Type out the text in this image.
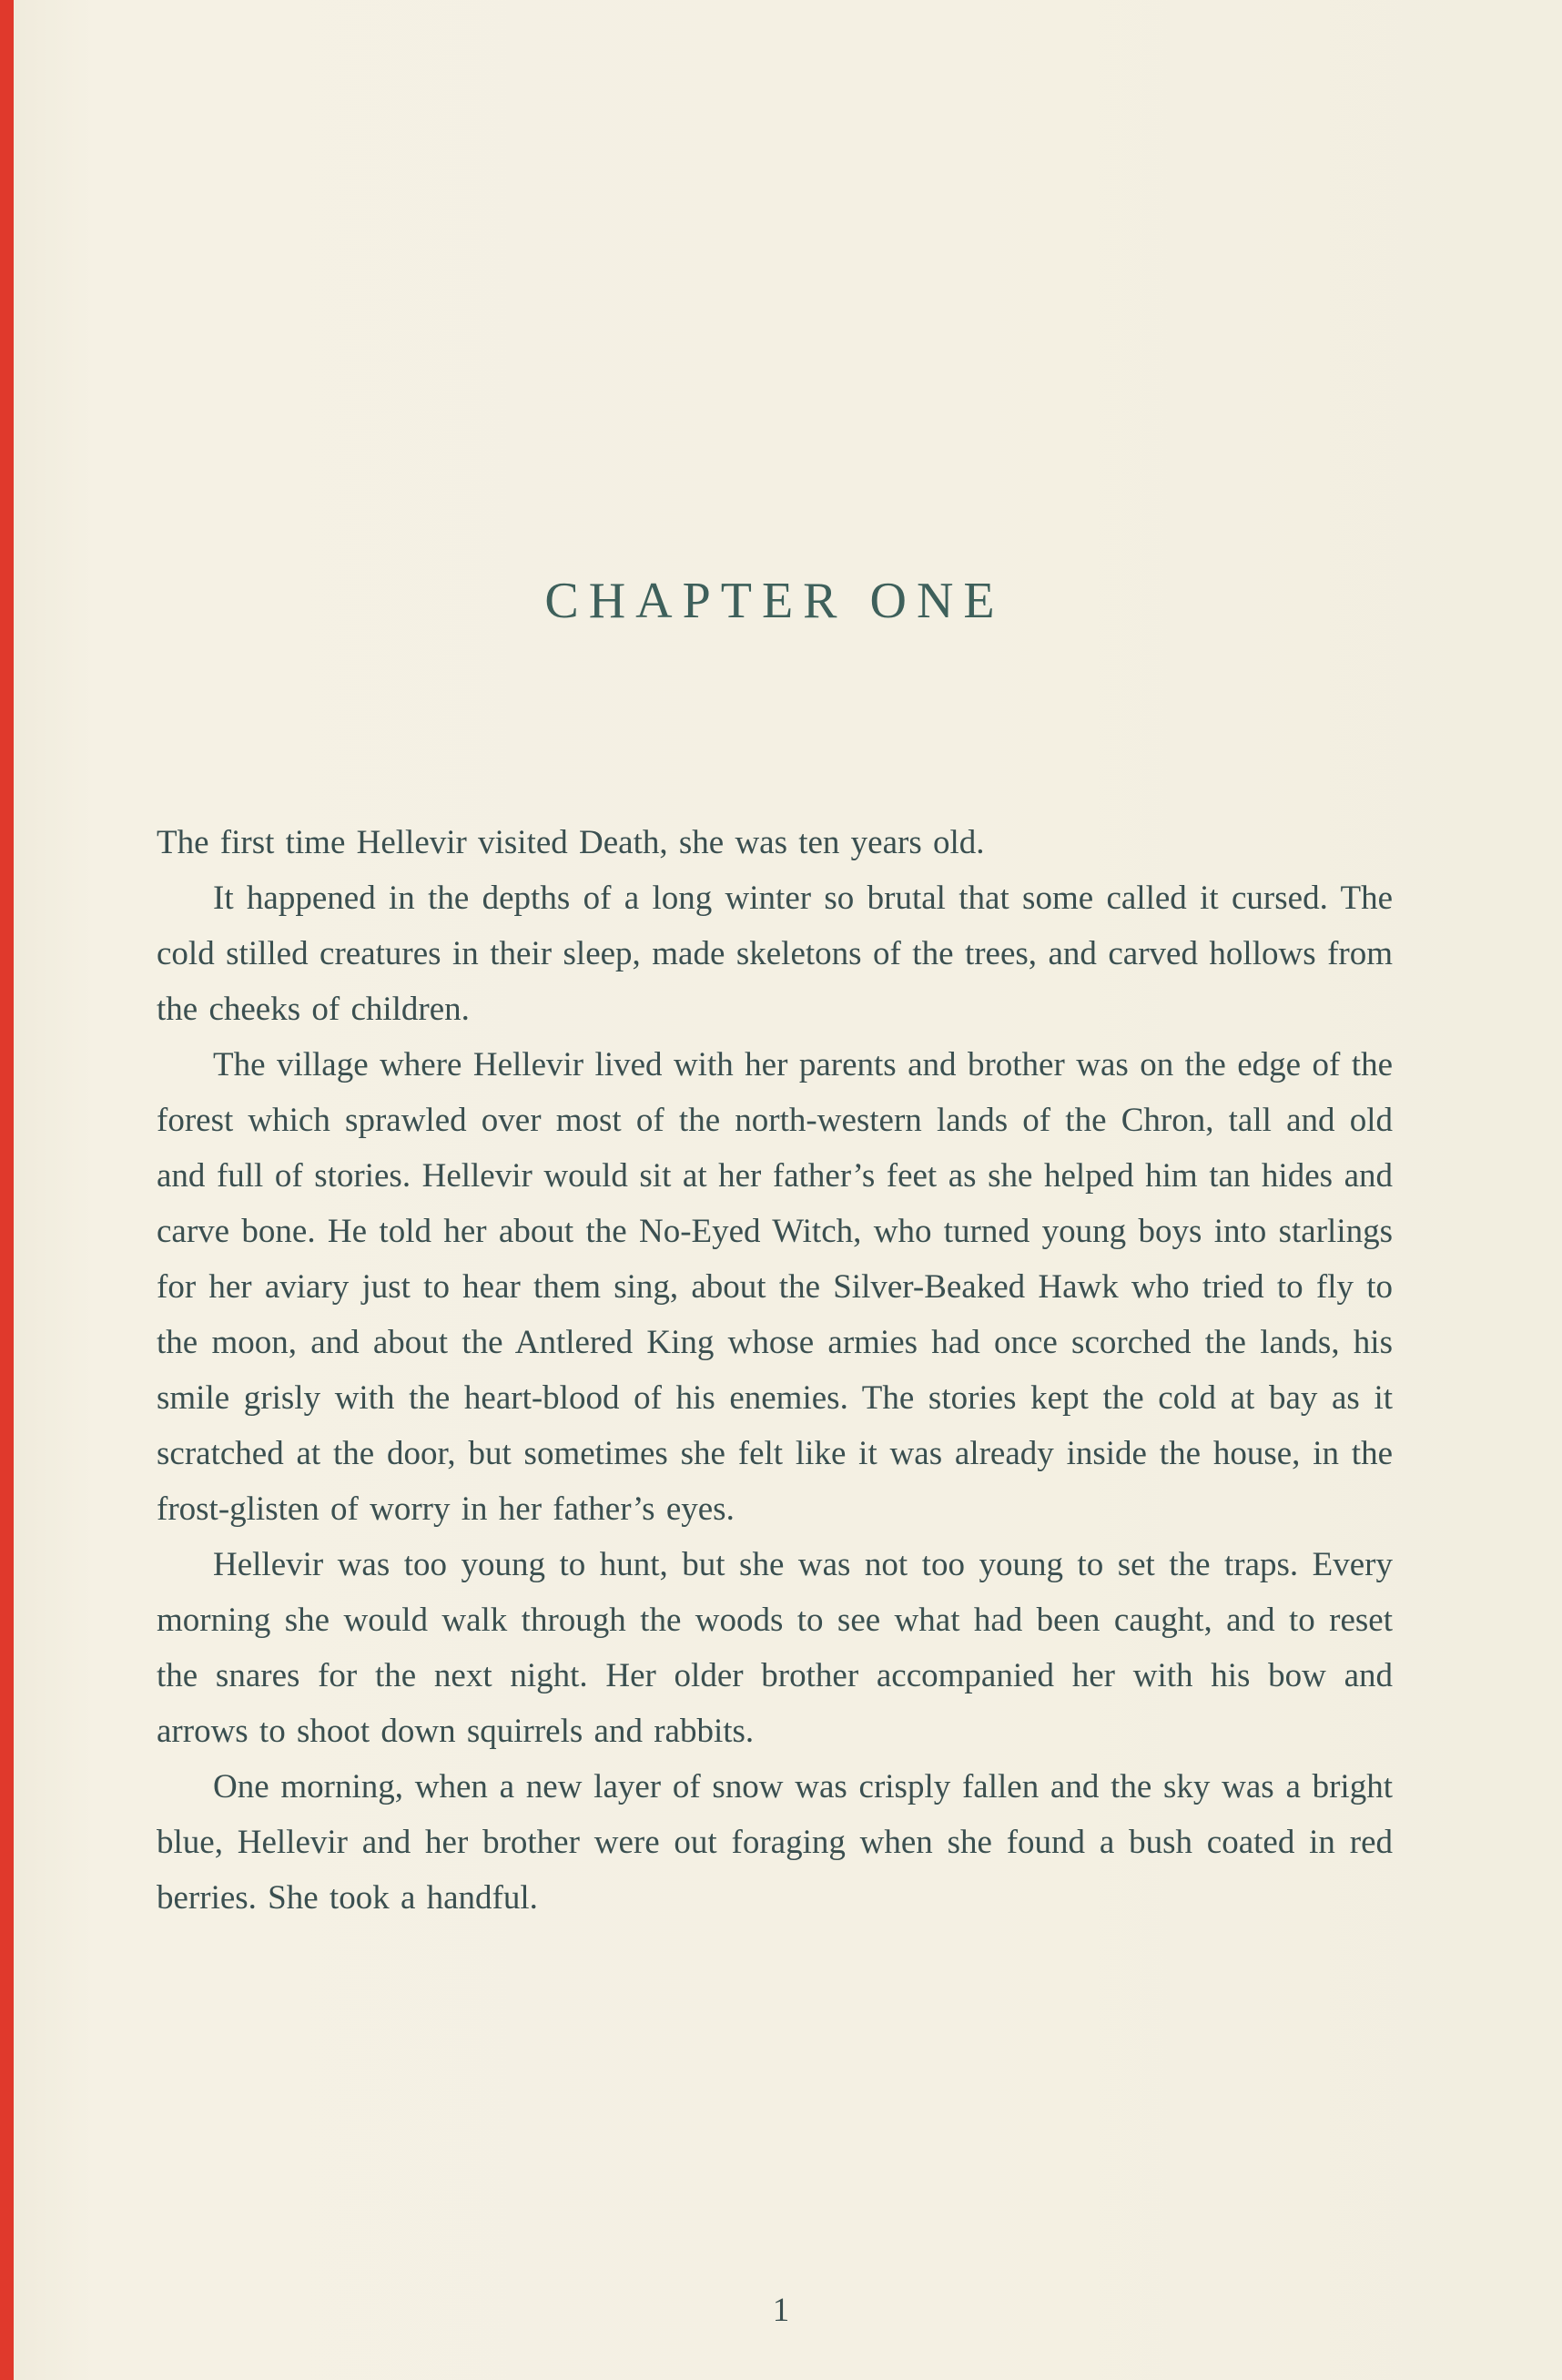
CHAPTER ONE

The first time Hellevir visited Death, she was ten years old.

It happened in the depths of a long winter so brutal that some called it cursed. The cold stilled creatures in their sleep, made skeletons of the trees, and carved hollows from the cheeks of children.

The village where Hellevir lived with her parents and brother was on the edge of the forest which sprawled over most of the north-western lands of the Chron, tall and old and full of stories. Hellevir would sit at her father’s feet as she helped him tan hides and carve bone. He told her about the No-Eyed Witch, who turned young boys into starlings for her aviary just to hear them sing, about the Silver-Beaked Hawk who tried to fly to the moon, and about the Antlered King whose armies had once scorched the lands, his smile grisly with the heart-blood of his enemies. The stories kept the cold at bay as it scratched at the door, but sometimes she felt like it was already inside the house, in the frost-glisten of worry in her father’s eyes.

Hellevir was too young to hunt, but she was not too young to set the traps. Every morning she would walk through the woods to see what had been caught, and to reset the snares for the next night. Her older brother accompanied her with his bow and arrows to shoot down squirrels and rabbits.

One morning, when a new layer of snow was crisply fallen and the sky was a bright blue, Hellevir and her brother were out foraging when she found a bush coated in red berries. She took a handful.

1
